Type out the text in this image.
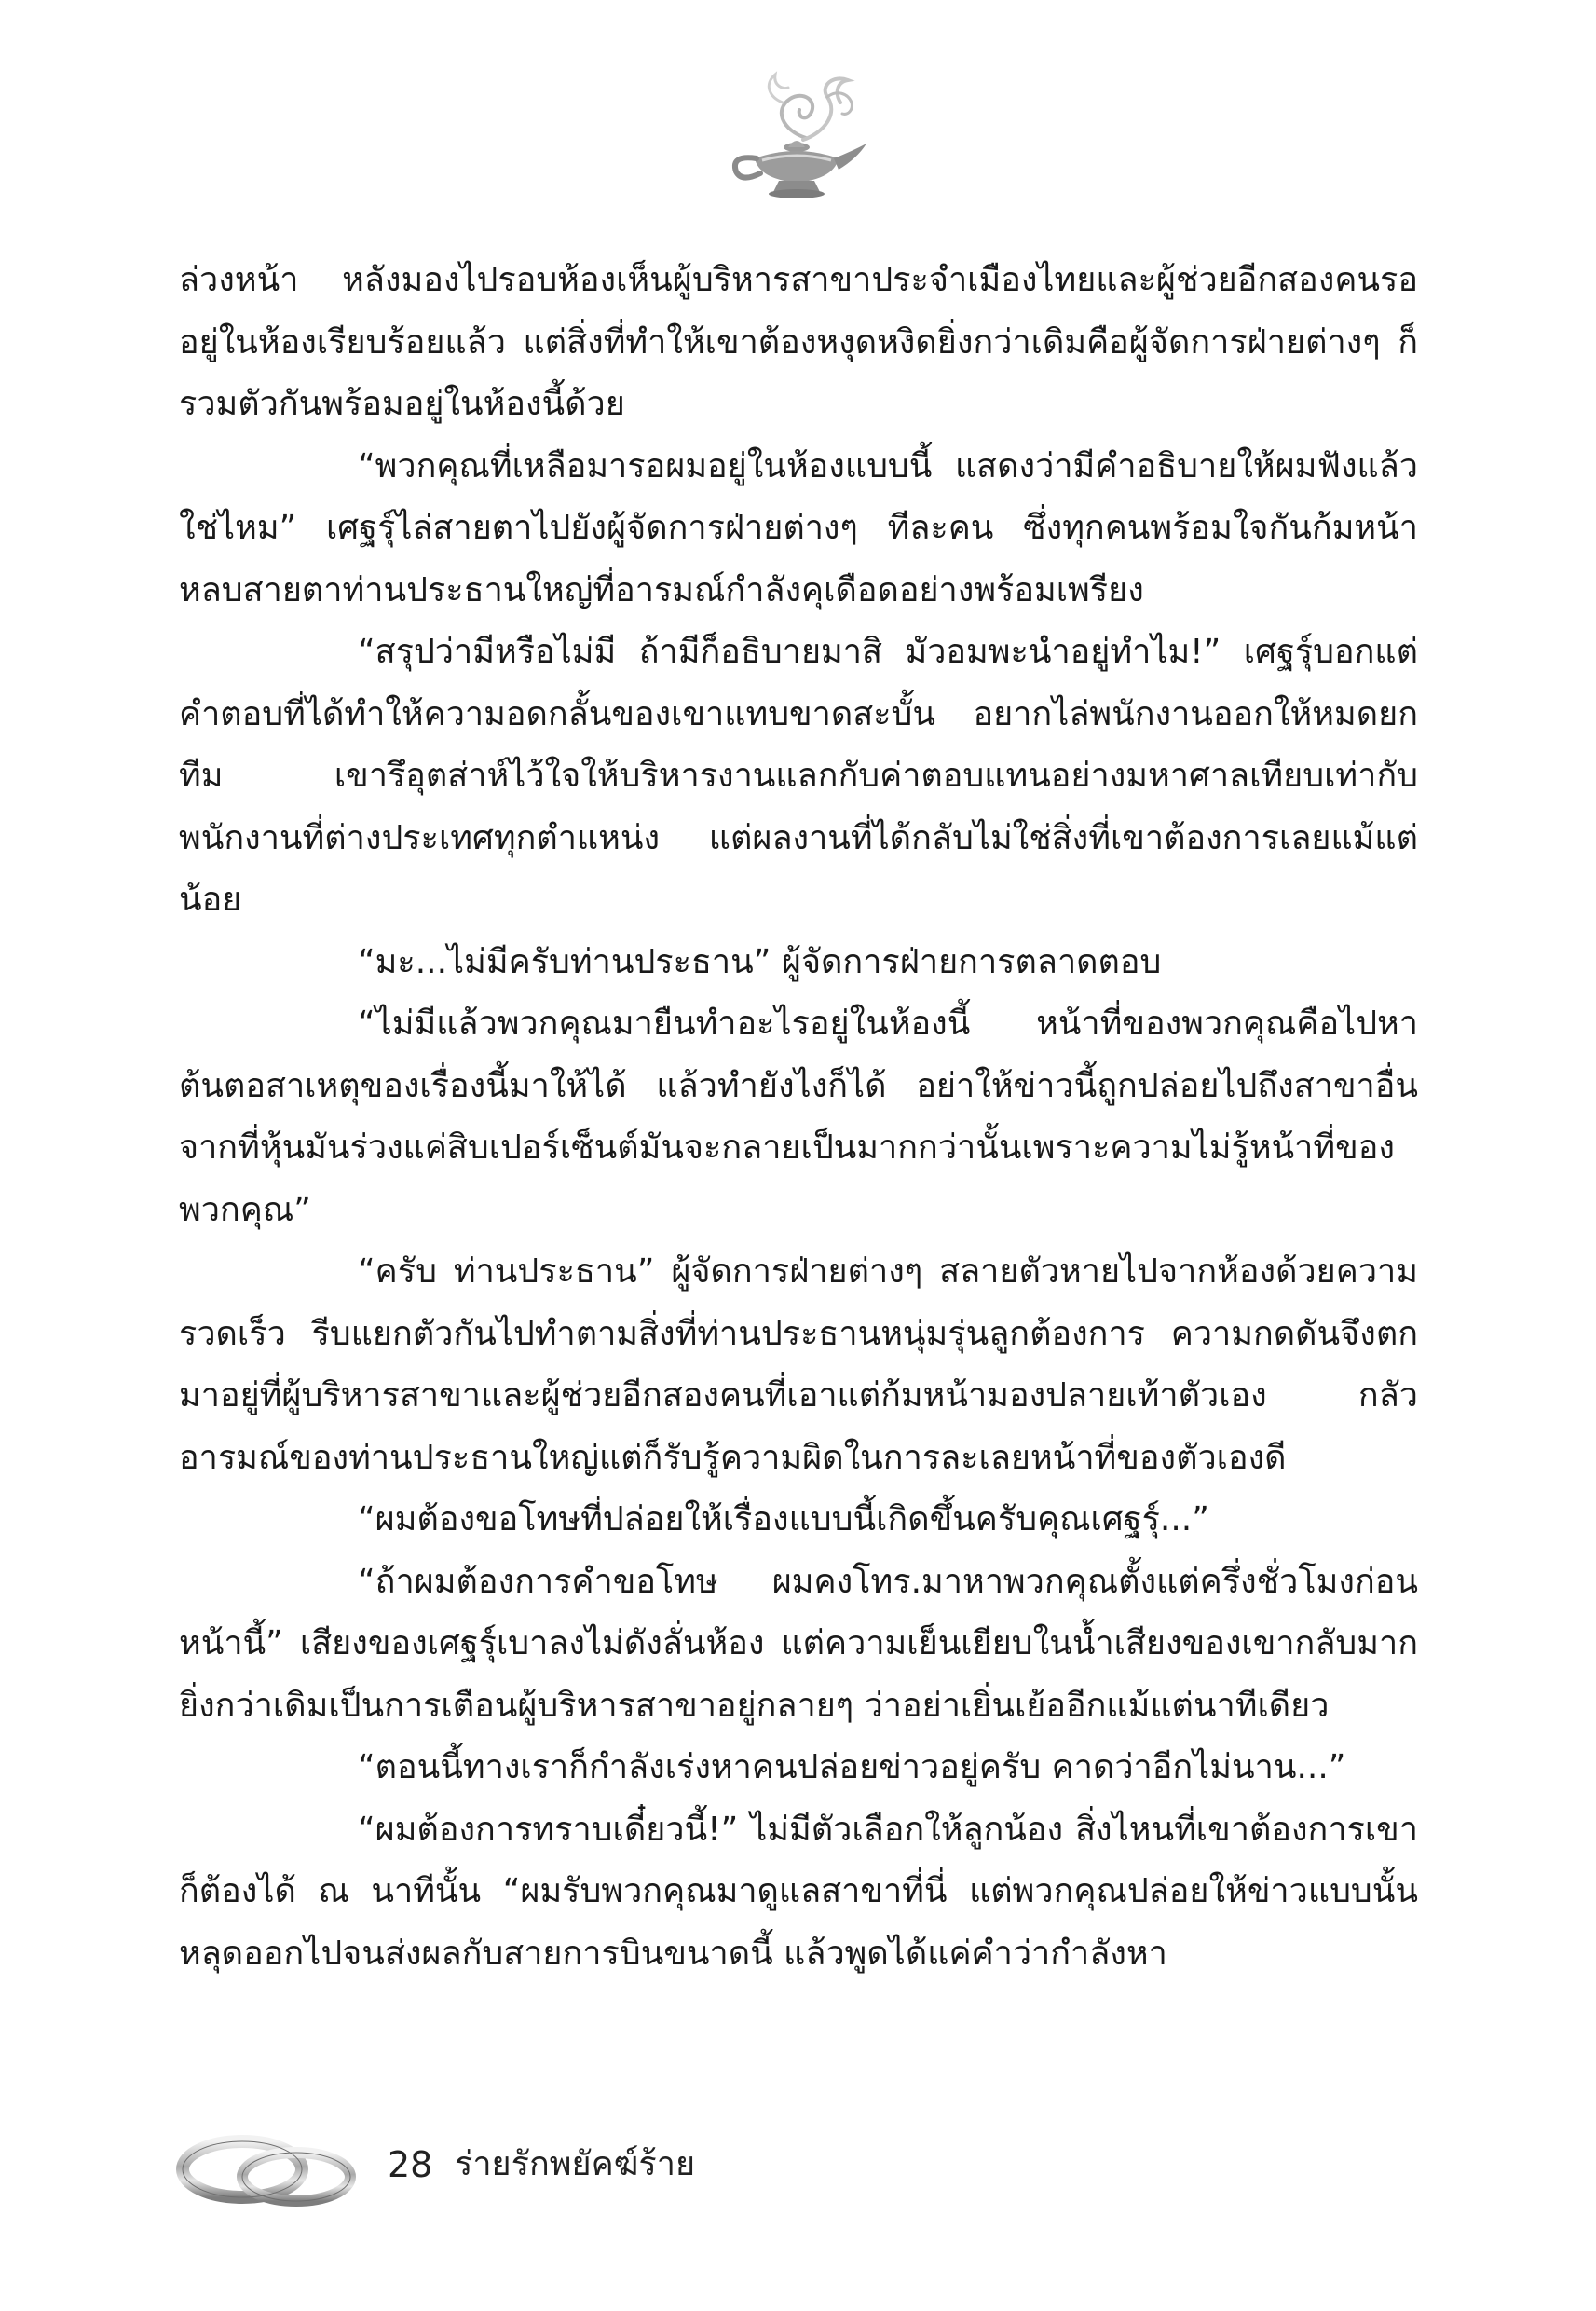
ล่วงหน้า หลังมองไปรอบห้องเห็นผู้บริหารสาขาประจำเมืองไทยและผู้ช่วยอีกสองคนรออยู่ในห้องเรียบร้อยแล้ว แต่สิ่งที่ทำให้เขาต้องหงุดหงิดยิ่งกว่าเดิมคือผู้จัดการฝ่ายต่างๆ ก็รวมตัวกันพร้อมอยู่ในห้องนี้ด้วย

“พวกคุณที่เหลือมารอผมอยู่ในห้องแบบนี้ แสดงว่ามีคำอธิบายให้ผมฟังแล้วใช่ไหม” เศฐรุ์ไล่สายตาไปยังผู้จัดการฝ่ายต่างๆ ทีละคน ซึ่งทุกคนพร้อมใจกันก้มหน้าหลบสายตาท่านประธานใหญ่ที่อารมณ์กำลังคุเดือดอย่างพร้อมเพรียง

“สรุปว่ามีหรือไม่มี ถ้ามีก็อธิบายมาสิ มัวอมพะนำอยู่ทำไม!” เศฐรุ์บอกแต่คำตอบที่ได้ทำให้ความอดกลั้นของเขาแทบขาดสะบั้น อยากไล่พนักงานออกให้หมดยกทีม เขารึอุตส่าห์ไว้ใจให้บริหารงานแลกกับค่าตอบแทนอย่างมหาศาลเทียบเท่ากับพนักงานที่ต่างประเทศทุกตำแหน่ง แต่ผลงานที่ได้กลับไม่ใช่สิ่งที่เขาต้องการเลยแม้แต่น้อย

“มะ...ไม่มีครับท่านประธาน” ผู้จัดการฝ่ายการตลาดตอบ

“ไม่มีแล้วพวกคุณมายืนทำอะไรอยู่ในห้องนี้ หน้าที่ของพวกคุณคือไปหาต้นตอสาเหตุของเรื่องนี้มาให้ได้ แล้วทำยังไงก็ได้ อย่าให้ข่าวนี้ถูกปล่อยไปถึงสาขาอื่น จากที่หุ้นมันร่วงแค่สิบเปอร์เซ็นต์มันจะกลายเป็นมากกว่านั้นเพราะความไม่รู้หน้าที่ของพวกคุณ”

“ครับ ท่านประธาน” ผู้จัดการฝ่ายต่างๆ สลายตัวหายไปจากห้องด้วยความรวดเร็ว รีบแยกตัวกันไปทำตามสิ่งที่ท่านประธานหนุ่มรุ่นลูกต้องการ ความกดดันจึงตกมาอยู่ที่ผู้บริหารสาขาและผู้ช่วยอีกสองคนที่เอาแต่ก้มหน้ามองปลายเท้าตัวเอง กลัวอารมณ์ของท่านประธานใหญ่แต่ก็รับรู้ความผิดในการละเลยหน้าที่ของตัวเองดี

“ผมต้องขอโทษที่ปล่อยให้เรื่องแบบนี้เกิดขึ้นครับคุณเศฐรุ์...”

“ถ้าผมต้องการคำขอโทษ ผมคงโทร.มาหาพวกคุณตั้งแต่ครึ่งชั่วโมงก่อนหน้านี้” เสียงของเศฐรุ์เบาลงไม่ดังลั่นห้อง แต่ความเย็นเยียบในน้ำเสียงของเขากลับมากยิ่งกว่าเดิมเป็นการเตือนผู้บริหารสาขาอยู่กลายๆ ว่าอย่าเยิ่นเย้ออีกแม้แต่นาทีเดียว

“ตอนนี้ทางเราก็กำลังเร่งหาคนปล่อยข่าวอยู่ครับ คาดว่าอีกไม่นาน...”

“ผมต้องการทราบเดี๋ยวนี้!” ไม่มีตัวเลือกให้ลูกน้อง สิ่งไหนที่เขาต้องการเขาก็ต้องได้ ณ นาทีนั้น “ผมรับพวกคุณมาดูแลสาขาที่นี่ แต่พวกคุณปล่อยให้ข่าวแบบนั้นหลุดออกไปจนส่งผลกับสายการบินขนาดนี้ แล้วพูดได้แค่คำว่ากำลังหา

28 ร่ายรักพยัคฆ์ร้าย
